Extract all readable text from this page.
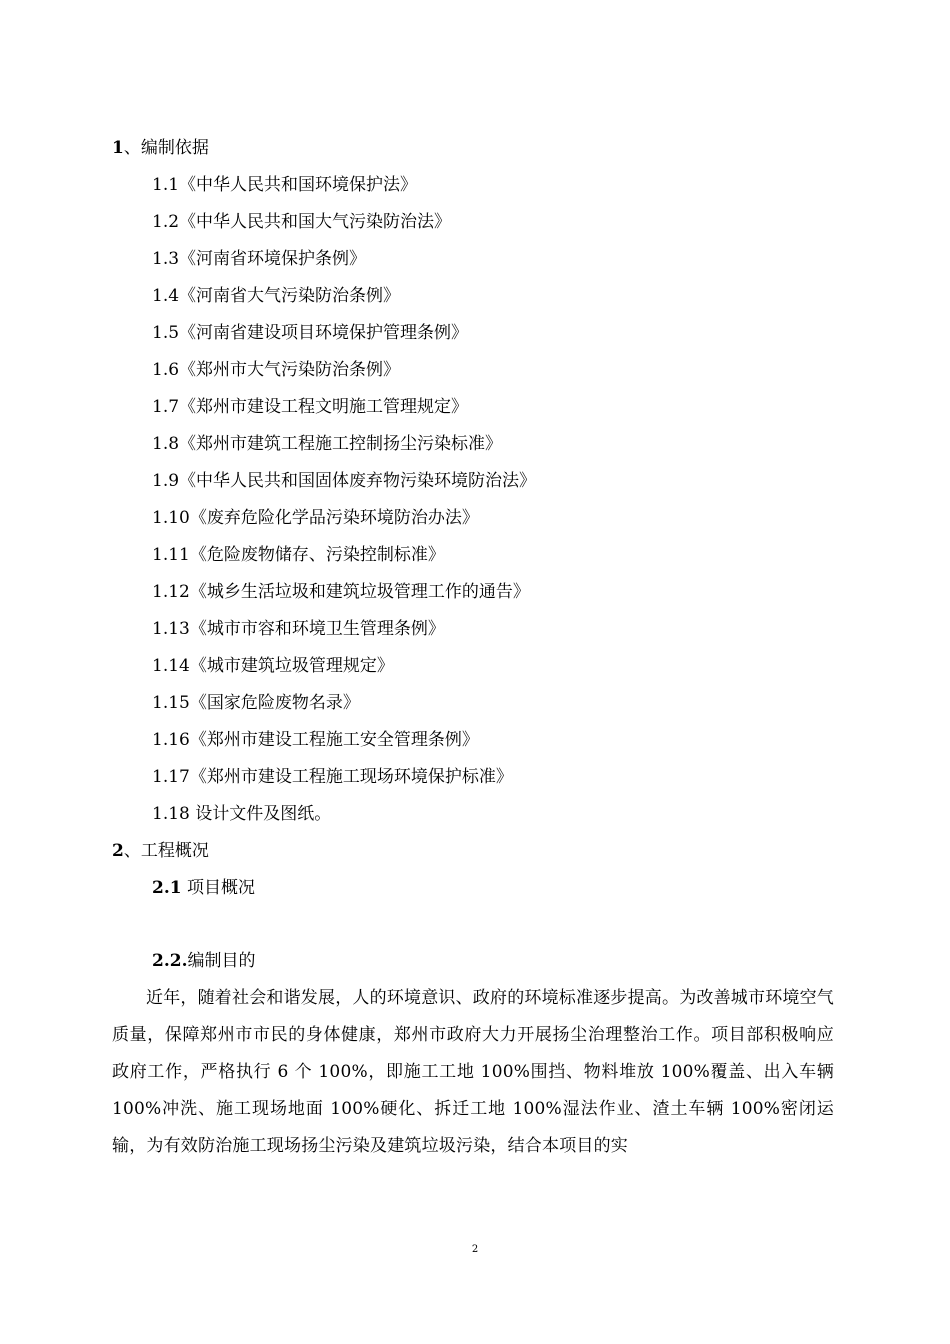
1、编制依据
1.1《中华人民共和国环境保护法》
1.2《中华人民共和国大气污染防治法》
1.3《河南省环境保护条例》
1.4《河南省大气污染防治条例》
1.5《河南省建设项目环境保护管理条例》
1.6《郑州市大气污染防治条例》
1.7《郑州市建设工程文明施工管理规定》
1.8《郑州市建筑工程施工控制扬尘污染标准》
1.9《中华人民共和国固体废弃物污染环境防治法》
1.10《废弃危险化学品污染环境防治办法》
1.11《危险废物储存、污染控制标准》
1.12《城乡生活垃圾和建筑垃圾管理工作的通告》
1.13《城市市容和环境卫生管理条例》
1.14《城市建筑垃圾管理规定》
1.15《国家危险废物名录》
1.16《郑州市建设工程施工安全管理条例》
1.17《郑州市建设工程施工现场环境保护标准》
1.18 设计文件及图纸。
2、工程概况
2.1 项目概况
2.2.编制目的
近年，随着社会和谐发展，人的环境意识、政府的环境标准逐步提高。为改善城市环境空气质量，保障郑州市市民的身体健康，郑州市政府大力开展扬尘治理整治工作。项目部积极响应政府工作，严格执行 6 个 100%，即施工工地 100%围挡、物料堆放 100%覆盖、出入车辆 100%冲洗、施工现场地面 100%硬化、拆迁工地 100%湿法作业、渣土车辆 100%密闭运输，为有效防治施工现场扬尘污染及建筑垃圾污染，结合本项目的实
2
